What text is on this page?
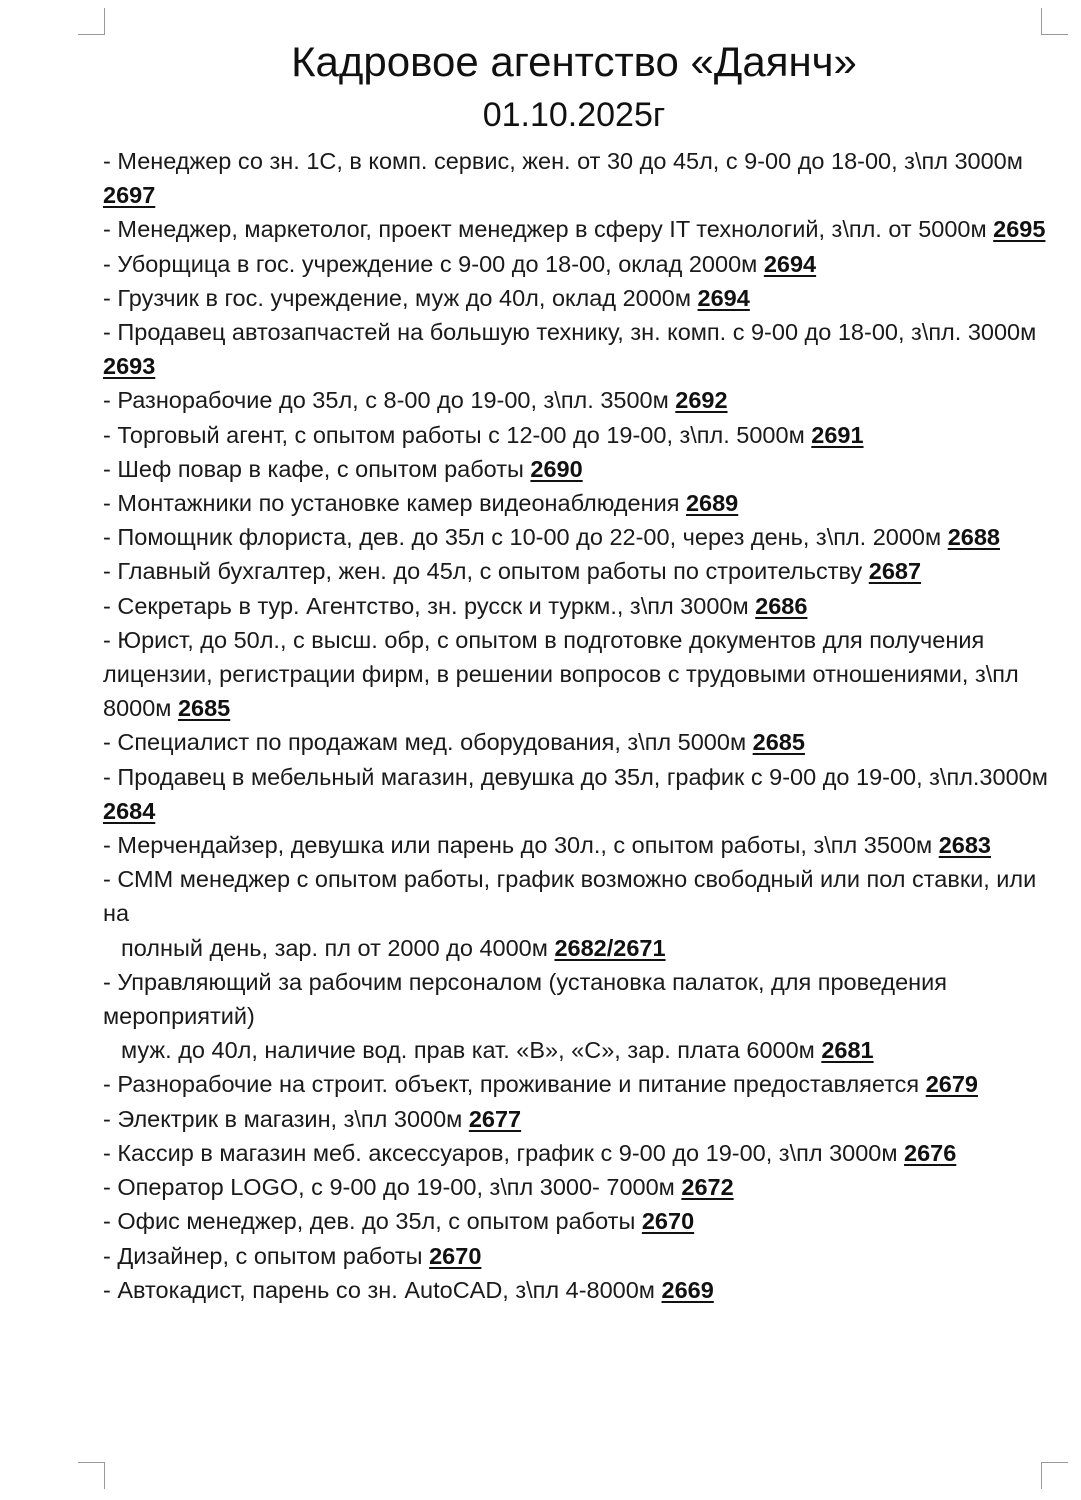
Кадровое агентство «Даянч»
01.10.2025г
- Менеджер со зн. 1С, в комп. сервис, жен. от 30 до 45л, с 9-00 до 18-00, з\пл 3000м 2697
- Менеджер, маркетолог, проект менеджер в сферу IT технологий, з\пл. от 5000м 2695
- Уборщица в гос. учреждение с 9-00 до 18-00, оклад 2000м 2694
- Грузчик в гос. учреждение, муж до 40л, оклад 2000м 2694
- Продавец автозапчастей на большую технику, зн. комп. с 9-00 до 18-00, з\пл. 3000м 2693
- Разнорабочие до 35л, с 8-00 до 19-00, з\пл. 3500м 2692
- Торговый агент, с опытом работы с 12-00 до 19-00, з\пл. 5000м 2691
- Шеф повар в кафе, с опытом работы 2690
- Монтажники по установке камер видеонаблюдения 2689
- Помощник флориста, дев. до 35л с 10-00 до 22-00, через день, з\пл. 2000м 2688
- Главный бухгалтер, жен. до 45л, с опытом работы по строительству 2687
- Секретарь в тур. Агентство, зн. русск и туркм., з\пл 3000м 2686
- Юрист, до 50л., с высш. обр, с опытом в подготовке документов для получения лицензии, регистрации фирм, в решении вопросов с трудовыми отношениями, з\пл 8000м 2685
- Специалист по продажам мед. оборудования, з\пл 5000м 2685
- Продавец в мебельный магазин, девушка до 35л, график с 9-00 до 19-00, з\пл.3000м 2684
- Мерчендайзер, девушка или парень до 30л., с опытом работы, з\пл 3500м 2683
- СММ менеджер с опытом работы, график возможно свободный или пол ставки, или на
полный день, зар. пл от 2000 до 4000м 2682/2671
- Управляющий за рабочим персоналом (установка палаток, для проведения мероприятий)
муж. до 40л, наличие вод. прав кат. «В», «С», зар. плата 6000м 2681
- Разнорабочие на строит. объект, проживание и питание предоставляется 2679
- Электрик в магазин, з\пл 3000м 2677
- Кассир в магазин меб. аксессуаров, график с 9-00 до 19-00, з\пл 3000м 2676
- Оператор LOGO, с 9-00 до 19-00, з\пл 3000- 7000м 2672
- Офис менеджер, дев. до 35л, с опытом работы 2670
- Дизайнер, с опытом работы 2670
- Автокадист, парень со зн. AutoCAD, з\пл 4-8000м 2669
